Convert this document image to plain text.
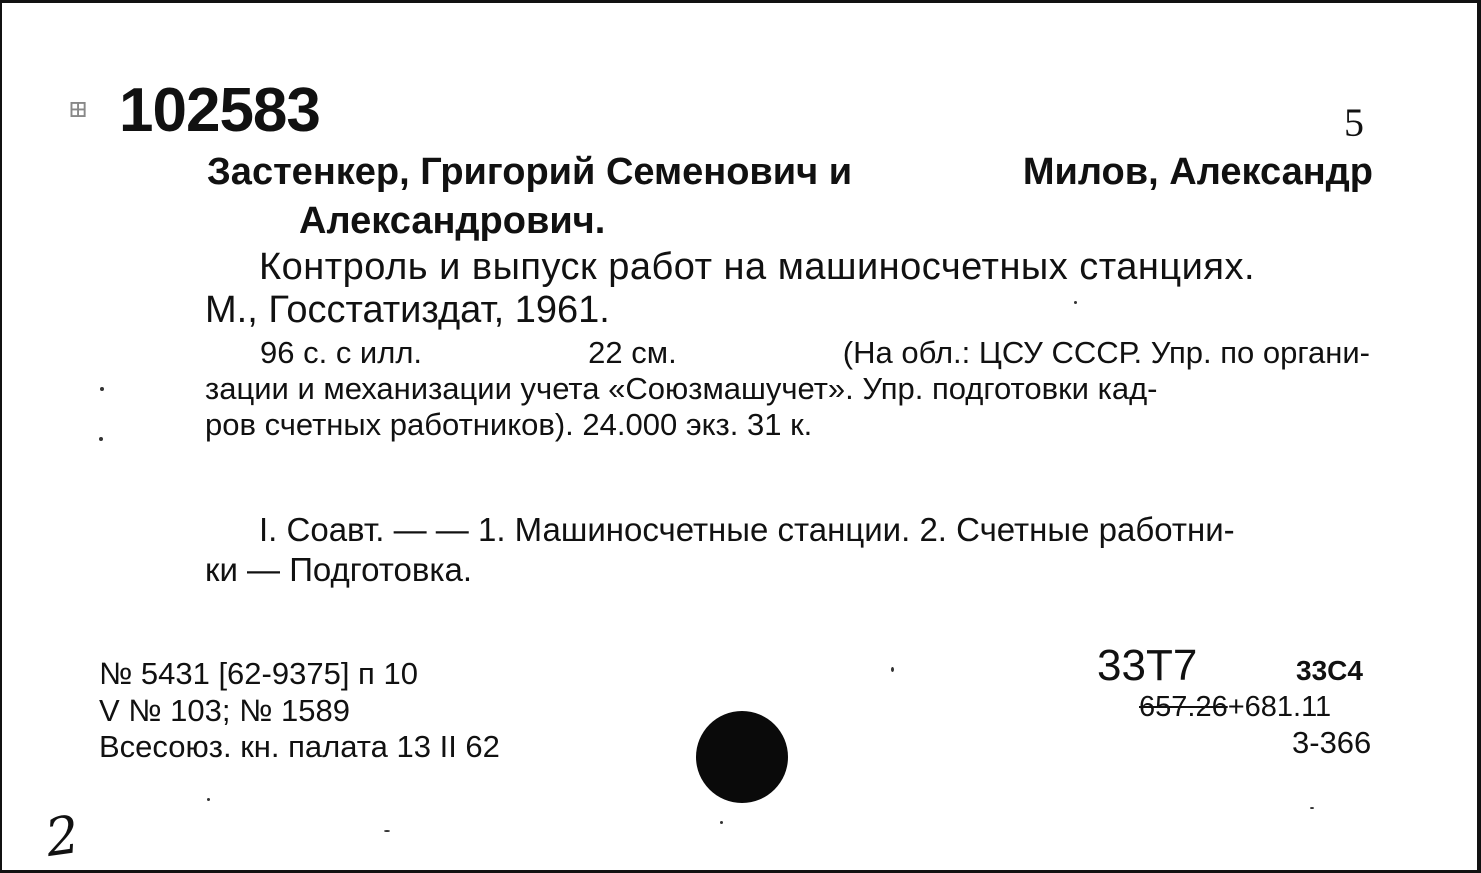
⊞ 102583	5
Застенкер, Григорий Семенович и	Милов, Александр
Александрович.
Контроль и выпуск работ на машиносчетных станциях.
М., Госстатиздат, 1961.
96 с. с илл.	22 см.	(На обл.: ЦСУ СССР. Упр. по органи-
зации и механизации учета «Союзмашучет». Упр. подготовки кад-
ров счетных работников). 24.000 экз. 31 к.
I. Соавт. — — 1. Машиносчетные станции. 2. Счетные работни-
ки — Подготовка.
№ 5431 [62-9375] п 10
V № 103; № 1589
Всесоюз. кн. палата 13 II 62
33Т7	33С4
657.26+681.11
3-366
2
